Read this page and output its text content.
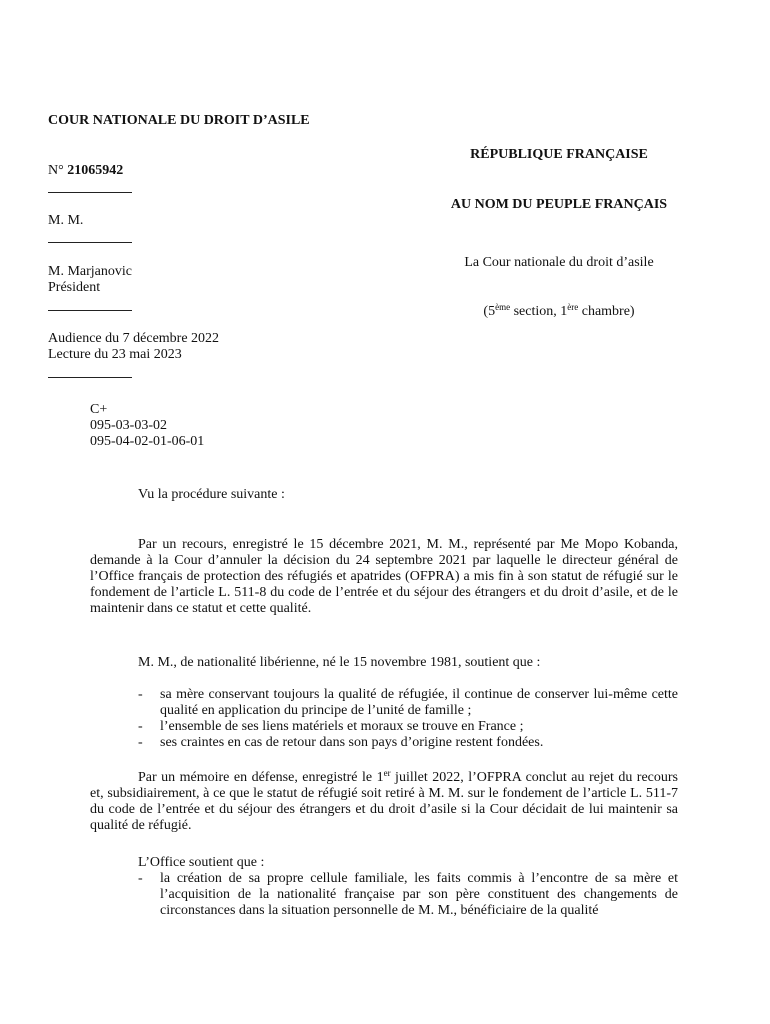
COUR NATIONALE DU DROIT D’ASILE
N° 21065942
M. M.
M. Marjanovic
Président
Audience du 7 décembre 2022
Lecture du 23 mai 2023
C+
095-03-03-02
095-04-02-01-06-01
RÉPUBLIQUE FRANÇAISE
AU NOM DU PEUPLE FRANÇAIS
La Cour nationale du droit d’asile
(5ème section, 1ère chambre)
Vu la procédure suivante :
Par un recours, enregistré le 15 décembre 2021, M. M., représenté par Me Mopo Kobanda, demande à la Cour d’annuler la décision du 24 septembre 2021 par laquelle le directeur général de l’Office français de protection des réfugiés et apatrides (OFPRA) a mis fin à son statut de réfugié sur le fondement de l’article L. 511-8 du code de l’entrée et du séjour des étrangers et du droit d’asile, et de le maintenir dans ce statut et cette qualité.
M. M., de nationalité libérienne, né le 15 novembre 1981, soutient que :
- sa mère conservant toujours la qualité de réfugiée, il continue de conserver lui-même cette qualité en application du principe de l’unité de famille ;
- l’ensemble de ses liens matériels et moraux se trouve en France ;
- ses craintes en cas de retour dans son pays d’origine restent fondées.
Par un mémoire en défense, enregistré le 1er juillet 2022, l’OFPRA conclut au rejet du recours et, subsidiairement, à ce que le statut de réfugié soit retiré à M. M. sur le fondement de l’article L. 511-7 du code de l’entrée et du séjour des étrangers et du droit d’asile si la Cour décidait de lui maintenir sa qualité de réfugié.
L’Office soutient que :
- la création de sa propre cellule familiale, les faits commis à l’encontre de sa mère et l’acquisition de la nationalité française par son père constituent des changements de circonstances dans la situation personnelle de M. M., bénéficiaire de la qualité
